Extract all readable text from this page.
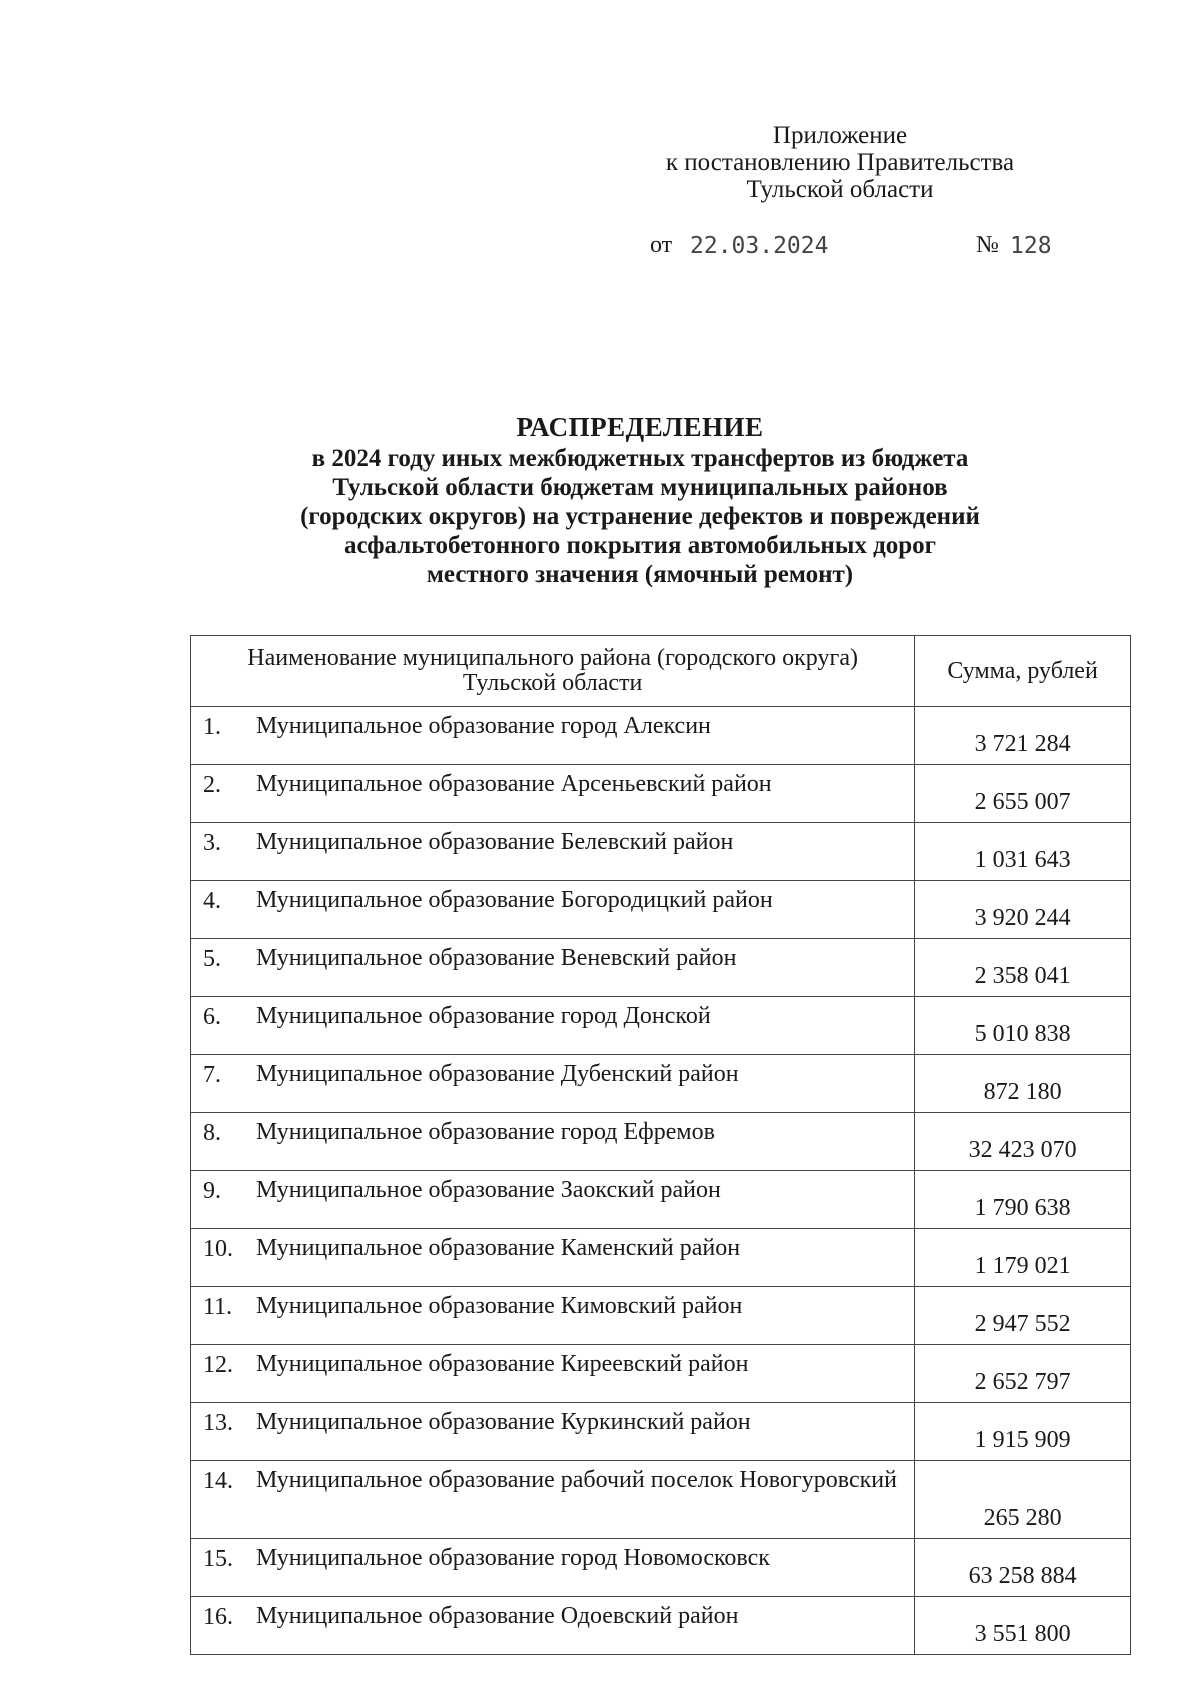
Приложение
к постановлению Правительства
Тульской области
от 22.03.2024	№ 128
РАСПРЕДЕЛЕНИЕ
в 2024 году иных межбюджетных трансфертов из бюджета
Тульской области бюджетам муниципальных районов
(городских округов) на устранение дефектов и повреждений
асфальтобетонного покрытия автомобильных дорог
местного значения (ямочный ремонт)
Наименование муниципального района (городского округа)
Тульской области	Сумма, рублей

1. Муниципальное образование город Алексин	3 721 284

2. Муниципальное образование Арсеньевский район	2 655 007

3. Муниципальное образование Белевский район	1 031 643

4. Муниципальное образование Богородицкий район	3 920 244

5. Муниципальное образование Веневский район	2 358 041

6. Муниципальное образование город Донской	5 010 838

7. Муниципальное образование Дубенский район	872 180

8. Муниципальное образование город Ефремов	32 423 070

9. Муниципальное образование Заокский район	1 790 638

10. Муниципальное образование Каменский район	1 179 021

11. Муниципальное образование Кимовский район	2 947 552

12. Муниципальное образование Киреевский район	2 652 797

13. Муниципальное образование Куркинский район	1 915 909

14. Муниципальное образование рабочий поселок Новогуровский	265 280

15. Муниципальное образование город Новомосковск	63 258 884

16. Муниципальное образование Одоевский район	3 551 800
